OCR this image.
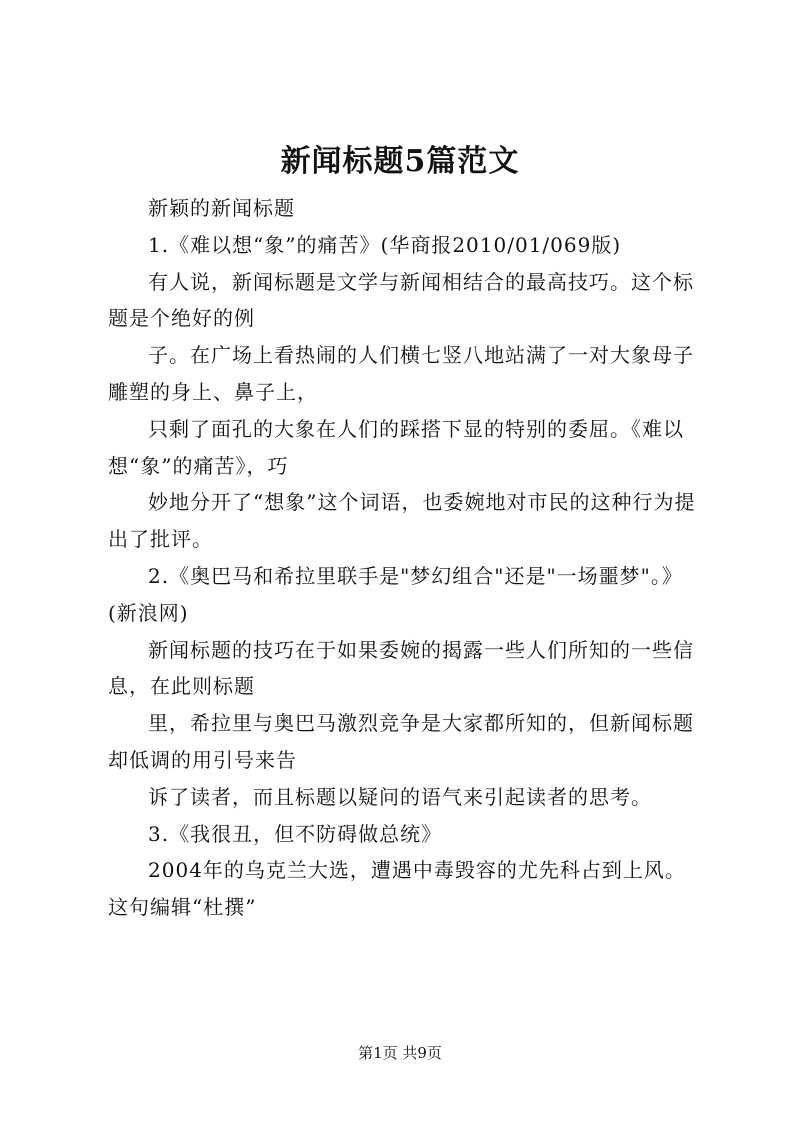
新闻标题5篇范文

新颖的新闻标题

1.《难以想“象”的痛苦》(华商报2010/01/069版)

有人说，新闻标题是文学与新闻相结合的最高技巧。这个标题是个绝好的例

子。在广场上看热闹的人们横七竖八地站满了一对大象母子雕塑的身上、鼻子上，

只剩了面孔的大象在人们的踩搭下显的特别的委屈。《难以想“象”的痛苦》，巧

妙地分开了“想象”这个词语，也委婉地对市民的这种行为提出了批评。

2.《奥巴马和希拉里联手是"梦幻组合"还是"一场噩梦"。》(新浪网)

新闻标题的技巧在于如果委婉的揭露一些人们所知的一些信息，在此则标题

里，希拉里与奥巴马激烈竞争是大家都所知的，但新闻标题却低调的用引号来告

诉了读者，而且标题以疑问的语气来引起读者的思考。

3.《我很丑，但不防碍做总统》

2004年的乌克兰大选，遭遇中毒毁容的尤先科占到上风。这句编辑“杜撰”

第1页 共9页
